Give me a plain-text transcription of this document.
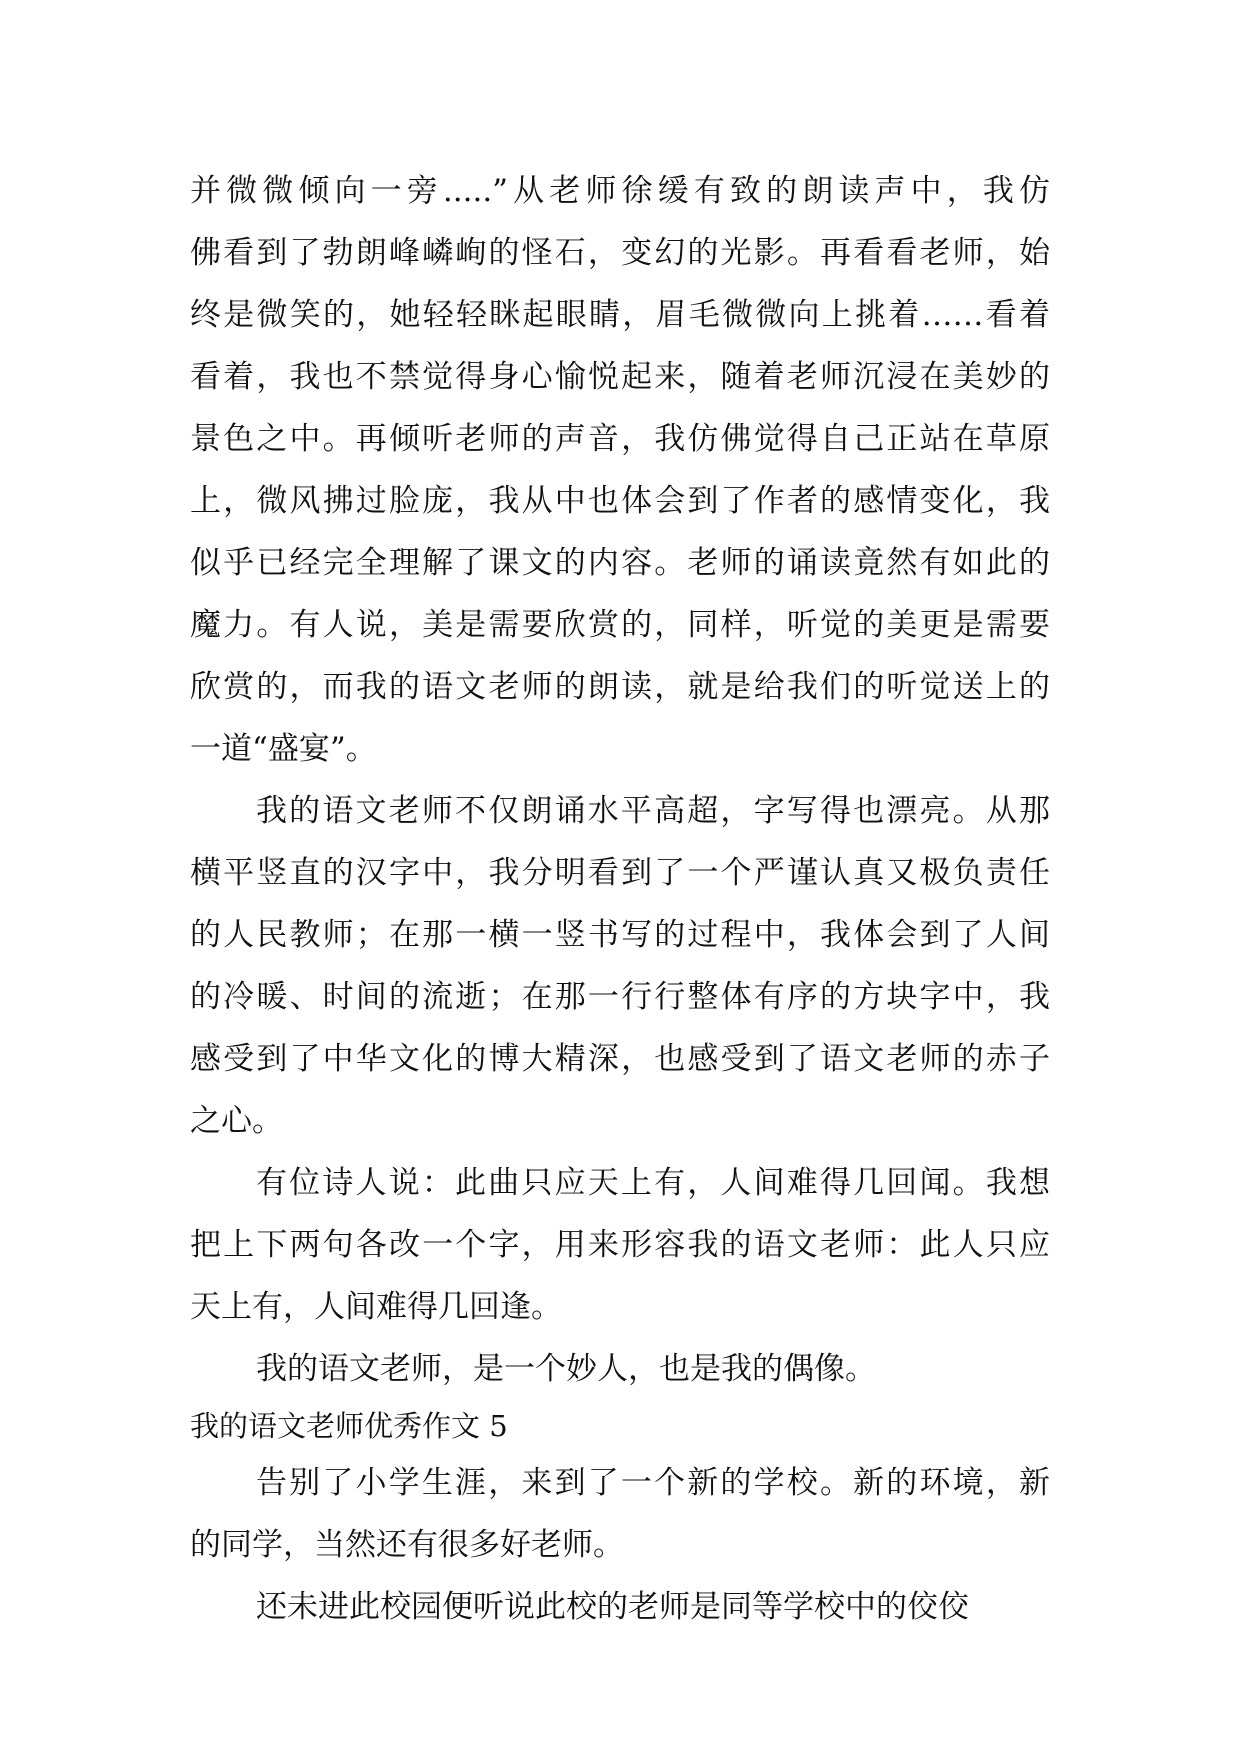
并微微倾向一旁.....”从老师徐缓有致的朗读声中，我仿
佛看到了勃朗峰嶙峋的怪石，变幻的光影。再看看老师，始
终是微笑的，她轻轻眯起眼睛，眉毛微微向上挑着……看着
看着，我也不禁觉得身心愉悦起来，随着老师沉浸在美妙的
景色之中。再倾听老师的声音，我仿佛觉得自己正站在草原
上，微风拂过脸庞，我从中也体会到了作者的感情变化，我
似乎已经完全理解了课文的内容。老师的诵读竟然有如此的
魔力。有人说，美是需要欣赏的，同样，听觉的美更是需要
欣赏的，而我的语文老师的朗读，就是给我们的听觉送上的
一道“盛宴”。
我的语文老师不仅朗诵水平高超，字写得也漂亮。从那
横平竖直的汉字中，我分明看到了一个严谨认真又极负责任
的人民教师；在那一横一竖书写的过程中，我体会到了人间
的冷暖、时间的流逝；在那一行行整体有序的方块字中，我
感受到了中华文化的博大精深，也感受到了语文老师的赤子
之心。
有位诗人说：此曲只应天上有，人间难得几回闻。我想
把上下两句各改一个字，用来形容我的语文老师：此人只应
天上有，人间难得几回逢。
我的语文老师，是一个妙人，也是我的偶像。
我的语文老师优秀作文 5
告别了小学生涯，来到了一个新的学校。新的环境，新
的同学，当然还有很多好老师。
还未进此校园便听说此校的老师是同等学校中的佼佼
